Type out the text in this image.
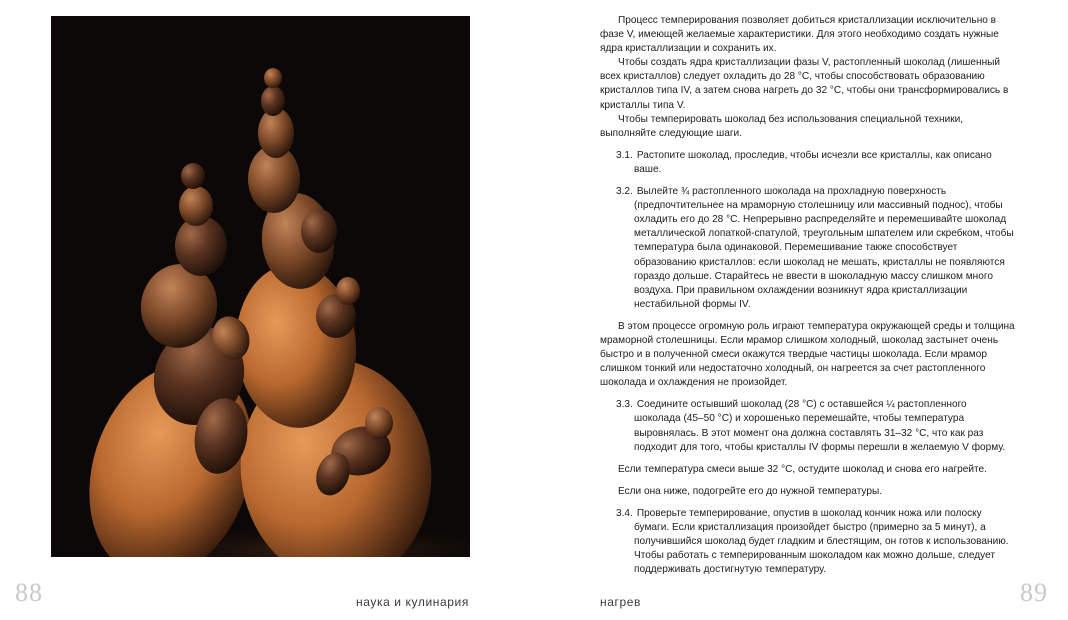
88	наука и кулинария

Процесс темперирования позволяет добиться кристаллизации исключительно в фазе V, имеющей желаемые характеристики. Для этого необходимо создать нужные ядра кристаллизации и сохранить их.

Чтобы создать ядра кристаллизации фазы V, растопленный шоколад (лишенный всех кристаллов) следует охладить до 28 °C, чтобы способствовать образованию кристаллов типа IV, а затем снова нагреть до 32 °C, чтобы они трансформировались в кристаллы типа V.

Чтобы темперировать шоколад без использования специальной техники, выполняйте следующие шаги.

3.1. Растопите шоколад, проследив, чтобы исчезли все кристаллы, как описано ваше.
3.2. Вылейте ¾ растопленного шоколада на прохладную поверхность (предпочтительнее на мраморную столешницу или массивный поднос), чтобы охладить его до 28 °C. Непрерывно распределяйте и перемешивайте шоколад металлической лопаткой-спатулой, треугольным шпателем или скребком, чтобы температура была одинаковой. Перемешивание также способствует образованию кристаллов: если шоколад не мешать, кристаллы не появляются гораздо дольше. Старайтесь не ввести в шоколадную массу слишком много воздуха. При правильном охлаждении возникнут ядра кристаллизации нестабильной формы IV.

В этом процессе огромную роль играют температура окружающей среды и толщина мраморной столешницы. Если мрамор слишком холодный, шоколад застынет очень быстро и в полученной смеси окажутся твердые частицы шоколада. Если мрамор слишком тонкий или недостаточно холодный, он нагреется за счет растопленного шоколада и охлаждения не произойдет.

3.3. Соедините остывший шоколад (28 °C) с оставшейся ¼ растопленного шоколада (45–50 °C) и хорошенько перемешайте, чтобы температура выровнялась. В этот момент она должна составлять 31–32 °C, что как раз подходит для того, чтобы кристаллы IV формы перешли в желаемую V форму.

Если температура смеси выше 32 °C, остудите шоколад и снова его нагрейте.

Если она ниже, подогрейте его до нужной температуры.

3.4. Проверьте темперирование, опустив в шоколад кончик ножа или полоску бумаги. Если кристаллизация произойдет быстро (примерно за 5 минут), а получившийся шоколад будет гладким и блестящим, он готов к использованию. Чтобы работать с темперированным шоколадом как можно дольше, следует поддерживать достигнутую температуру.
нагрев	89
